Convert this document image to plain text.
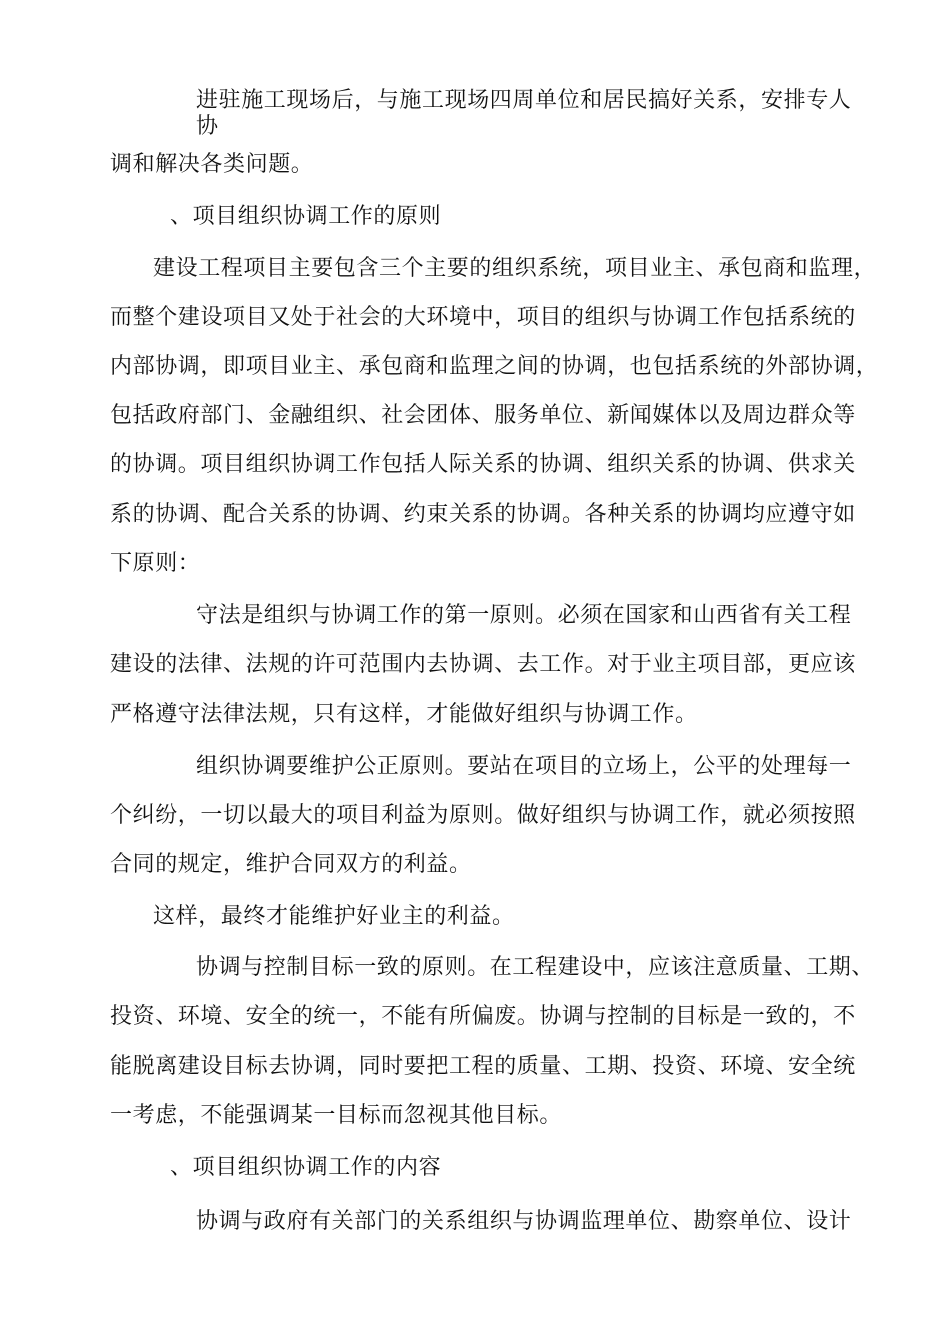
进驻施工现场后，与施工现场四周单位和居民搞好关系，安排专人
协
调和解决各类问题。
、项目组织协调工作的原则
建设工程项目主要包含三个主要的组织系统，项目业主、承包商和监理，
而整个建设项目又处于社会的大环境中，项目的组织与协调工作包括系统的
内部协调，即项目业主、承包商和监理之间的协调，也包括系统的外部协调，
包括政府部门、金融组织、社会团体、服务单位、新闻媒体以及周边群众等
的协调。项目组织协调工作包括人际关系的协调、组织关系的协调、供求关
系的协调、配合关系的协调、约束关系的协调。各种关系的协调均应遵守如
下原则：
守法是组织与协调工作的第一原则。必须在国家和山西省有关工程
建设的法律、法规的许可范围内去协调、去工作。对于业主项目部，更应该
严格遵守法律法规，只有这样，才能做好组织与协调工作。
组织协调要维护公正原则。要站在项目的立场上，公平的处理每一
个纠纷，一切以最大的项目利益为原则。做好组织与协调工作，就必须按照
合同的规定，维护合同双方的利益。
这样，最终才能维护好业主的利益。
协调与控制目标一致的原则。在工程建设中，应该注意质量、工期、
投资、环境、安全的统一，不能有所偏废。协调与控制的目标是一致的，不
能脱离建设目标去协调，同时要把工程的质量、工期、投资、环境、安全统
一考虑，不能强调某一目标而忽视其他目标。
、项目组织协调工作的内容
协调与政府有关部门的关系组织与协调监理单位、勘察单位、设计
